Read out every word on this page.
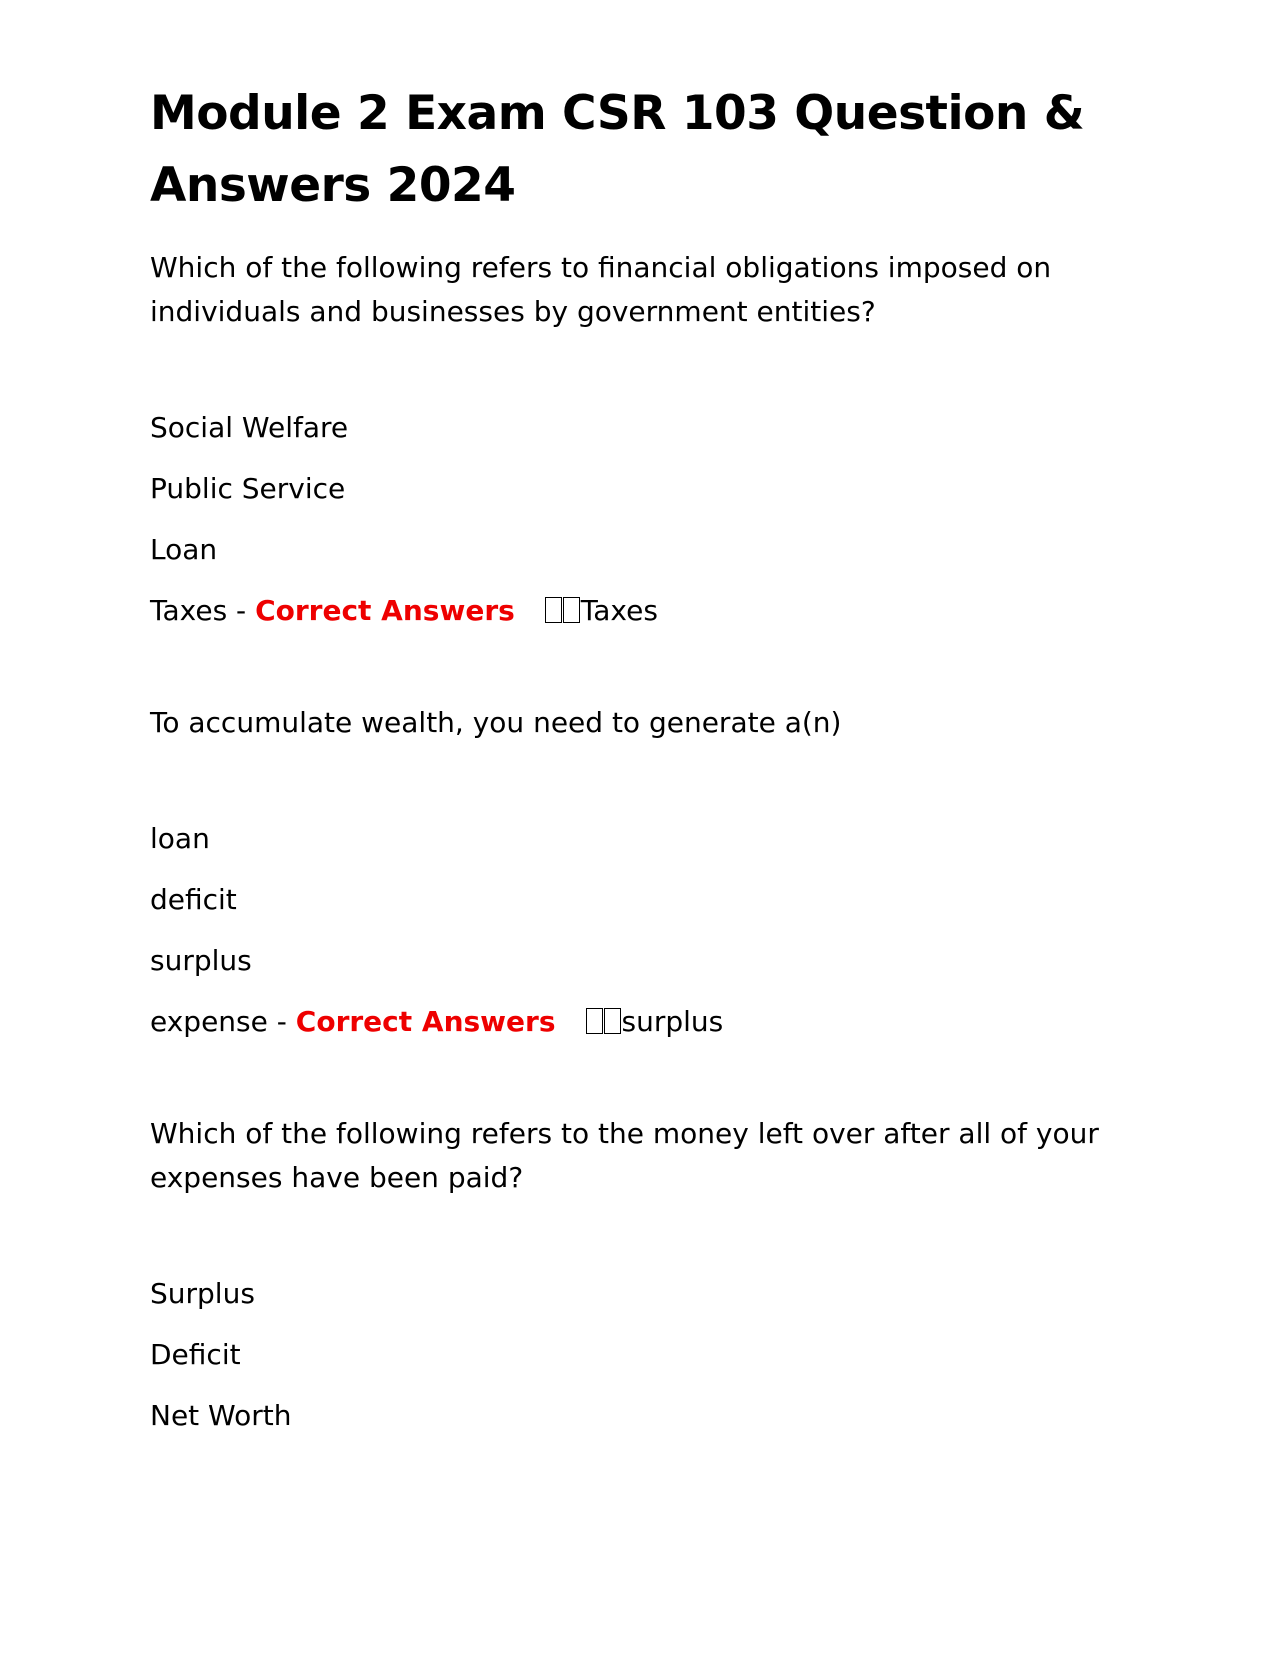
Module 2 Exam CSR 103 Question & Answers 2024

Which of the following refers to financial obligations imposed on individuals and businesses by government entities?

Social Welfare

Public Service

Loan

Taxes - Correct Answers Taxes

To accumulate wealth, you need to generate a(n)

loan

deficit

surplus

expense - Correct Answers surplus

Which of the following refers to the money left over after all of your expenses have been paid?

Surplus

Deficit

Net Worth
